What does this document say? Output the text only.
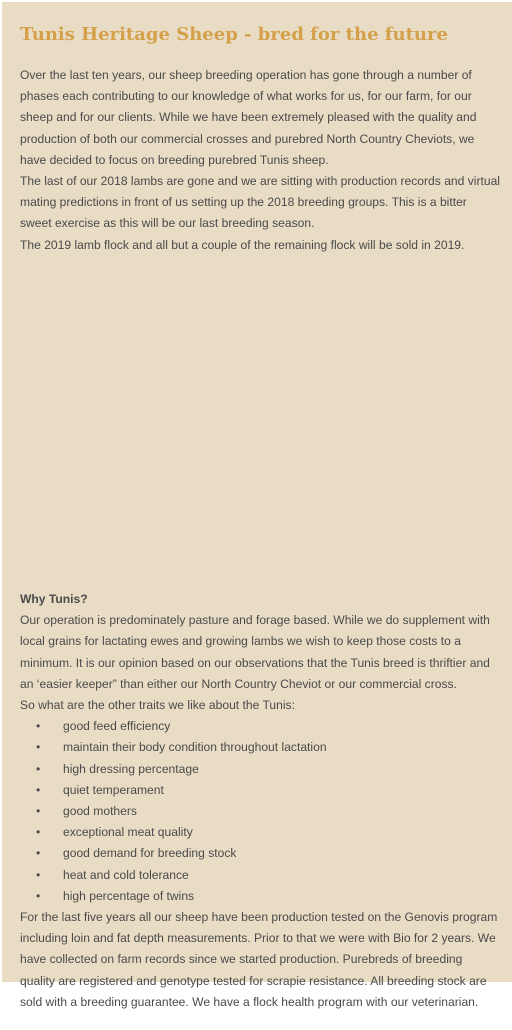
Tunis Heritage Sheep - bred for the future

Over the last ten years, our sheep breeding operation has gone through a number of phases each contributing to our knowledge of what works for us, for our farm, for our sheep and for our clients. While we have been extremely pleased with the quality and production of both our commercial crosses and purebred North Country Cheviots, we have decided to focus on breeding purebred Tunis sheep.

The last of our 2018 lambs are gone and we are sitting with production records and virtual mating predictions in front of us setting up the 2018 breeding groups. This is a bitter sweet exercise as this will be our last breeding season.

The 2019 lamb flock and all but a couple of the remaining flock will be sold in 2019.

Why Tunis?

Our operation is predominately pasture and forage based. While we do supplement with local grains for lactating ewes and growing lambs we wish to keep those costs to a minimum. It is our opinion based on our observations that the Tunis breed is thriftier and an ‘easier keeper” than either our North Country Cheviot or our commercial cross.

So what are the other traits we like about the Tunis:

• good feed efficiency
• maintain their body condition throughout lactation
• high dressing percentage
• quiet temperament
• good mothers
• exceptional meat quality
• good demand for breeding stock
• heat and cold tolerance
• high percentage of twins

For the last five years all our sheep have been production tested on the Genovis program including loin and fat depth measurements. Prior to that we were with Bio for 2 years. We have collected on farm records since we started production. Purebreds of breeding quality are registered and genotype tested for scrapie resistance. All breeding stock are sold with a breeding guarantee. We have a flock health program with our veterinarian.
